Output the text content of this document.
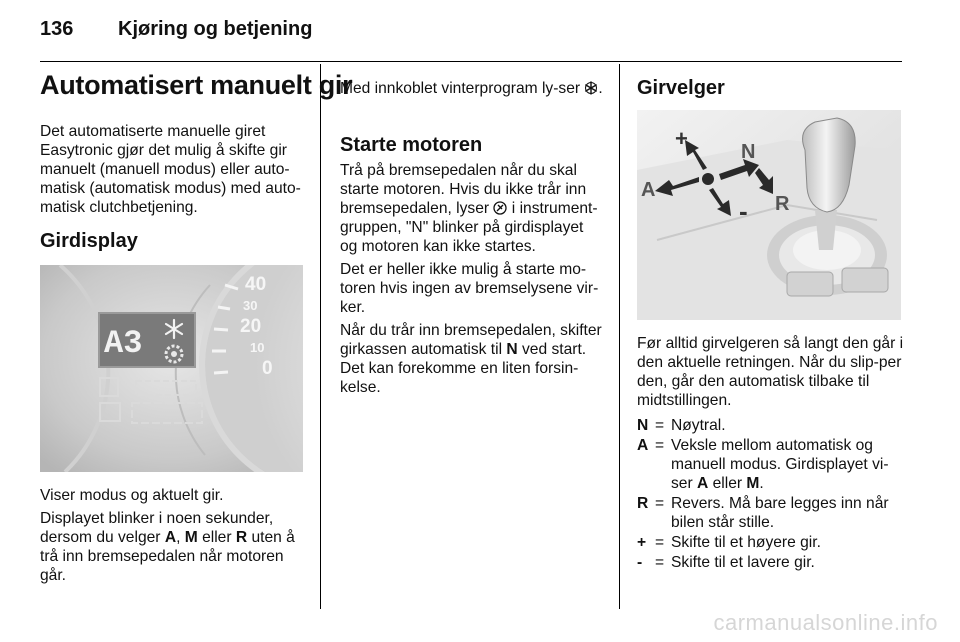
136 Kjøring og betjening
Automatisert manuelt gir

Det automatiserte manuelle giret Easytronic gjør det mulig å skifte gir manuelt (manuell modus) eller auto-matisk (automatisk modus) med auto-matisk clutchbetjening.

Girdisplay
40
30
20
10
0
A3

Viser modus og aktuelt gir.

Displayet blinker i noen sekunder, dersom du velger A, M eller R uten å trå inn bremsepedalen når motoren går.

Med innkoblet vinterprogram ly-ser .

Starte motoren

Trå på bremsepedalen når du skal starte motoren. Hvis du ikke trår inn bremsepedalen, lyser i instrument-gruppen, "N" blinker på girdisplayet og motoren kan ikke startes.

Det er heller ikke mulig å starte mo-toren hvis ingen av bremselysene vir-ker.

Når du trår inn bremsepedalen, skifter girkassen automatisk til N ved start. Det kan forekomme en liten forsin-kelse.

Girvelger
+
-
A
N
R

Før alltid girvelgeren så langt den går i den aktuelle retningen. Når du slip-per den, går den automatisk tilbake til midtstillingen.

N	=	Nøytral.
A	=	Veksle mellom automatisk og manuell modus. Girdisplayet vi-ser A eller M.
R	=	Revers. Må bare legges inn når bilen står stille.
+	=	Skifte til et høyere gir.
-	=	Skifte til et lavere gir.
carmanualsonline.info
